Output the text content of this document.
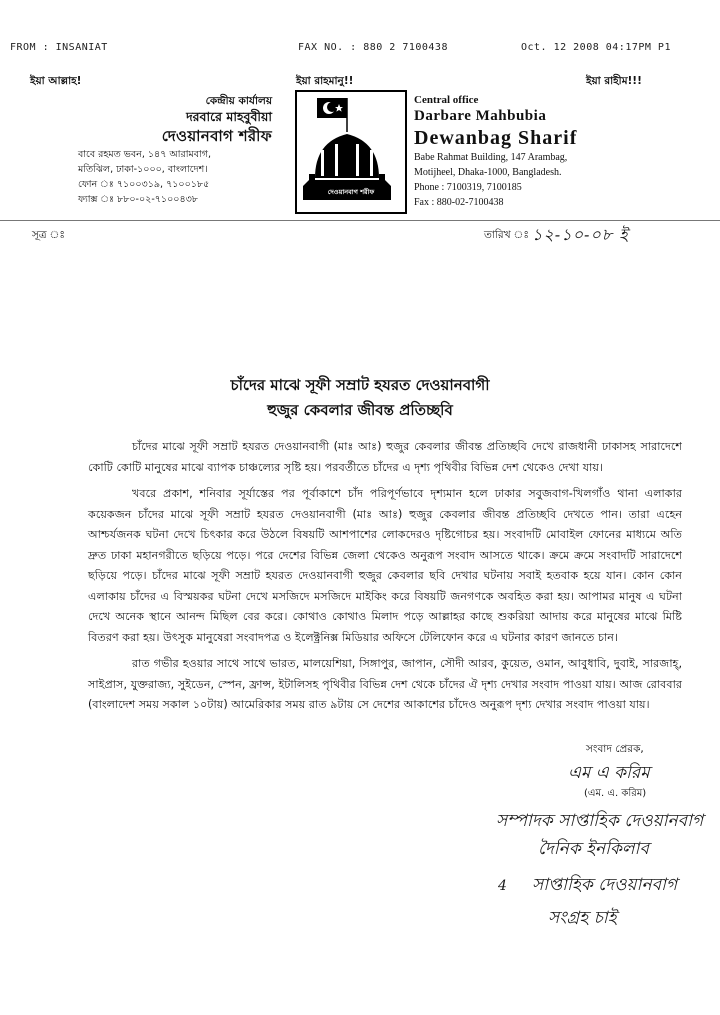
FROM : INSANIAT	FAX NO. : 880 2 7100438	Oct. 12 2008 04:17PM P1
ইয়া আল্লাহ!	ইয়া রাহমানু!!	ইয়া রাহীম!!!
কেন্দ্রীয় কার্যালয়
দরবারে মাহবুবীয়া
দেওয়ানবাগ শরীফ
বাবে রহমত ভবন, ১৪৭ আরামবাগ,
মতিঝিল, ঢাকা-১০০০, বাংলাদেশ।
ফোন ঃ ৭১০০৩১৯, ৭১০০১৮৫
ফ্যাক্স ঃ ৮৮০-০২-৭১০০৪৩৮
দেওয়ানবাগ শরীফ
Central office
Darbare Mahbubia
Dewanbag Sharif
Babe Rahmat Building, 147 Arambag,
Motijheel, Dhaka-1000, Bangladesh.
Phone : 7100319, 7100185
Fax : 880-02-7100438
সূত্র ঃ	তারিখ ঃ ১২-১০-০৮ ই
চাঁদের মাঝে সূফী সম্রাট হযরত দেওয়ানবাগী
হুজুর কেবলার জীবন্ত প্রতিচ্ছবি

চাঁদের মাঝে সূফী সম্রাট হযরত দেওয়ানবাগী (মাঃ আঃ) হুজুর কেবলার জীবন্ত প্রতিচ্ছবি দেখে রাজধানী ঢাকাসহ সারাদেশে কোটি কোটি মানুষের মাঝে ব্যাপক চাঞ্চল্যের সৃষ্টি হয়। পরবর্তীতে চাঁদের এ দৃশ্য পৃথিবীর বিভিন্ন দেশ থেকেও দেখা যায়।

খবরে প্রকাশ, শনিবার সূর্যাস্তের পর পূর্বাকাশে চাঁদ পরিপূর্ণভাবে দৃশ্যমান হলে ঢাকার সবুজবাগ-খিলগাঁও থানা এলাকার কয়েকজন চাঁদের মাঝে সূফী সম্রাট হযরত দেওয়ানবাগী (মাঃ আঃ) হুজুর কেবলার জীবন্ত প্রতিচ্ছবি দেখতে পান। তারা এহেন আশ্চর্যজনক ঘটনা দেখে চিৎকার করে উঠলে বিষয়টি আশপাশের লোকদেরও দৃষ্টিগোচর হয়। সংবাদটি মোবাইল ফোনের মাধ্যমে অতি দ্রুত ঢাকা মহানগরীতে ছড়িয়ে পড়ে। পরে দেশের বিভিন্ন জেলা থেকেও অনুরূপ সংবাদ আসতে থাকে। ক্রমে ক্রমে সংবাদটি সারাদেশে ছড়িয়ে পড়ে। চাঁদের মাঝে সূফী সম্রাট হযরত দেওয়ানবাগী হুজুর কেবলার ছবি দেখার ঘটনায় সবাই হতবাক হয়ে যান। কোন কোন এলাকায় চাঁদের এ বিস্ময়কর ঘটনা দেখে মসজিদে মসজিদে মাইকিং করে বিষয়টি জনগণকে অবহিত করা হয়। আপামর মানুষ এ ঘটনা দেখে অনেক স্থানে আনন্দ মিছিল বের করে। কোথাও কোথাও মিলাদ পড়ে আল্লাহর কাছে শুকরিয়া আদায় করে মানুষের মাঝে মিষ্টি বিতরণ করা হয়। উৎসুক মানুষেরা সংবাদপত্র ও ইলেক্ট্রনিক্স মিডিয়ার অফিসে টেলিফোন করে এ ঘটনার কারণ জানতে চান।

রাত গভীর হওয়ার সাথে সাথে ভারত, মালয়েশিয়া, সিঙ্গাপুর, জাপান, সৌদী আরব, কুয়েত, ওমান, আবুধাবি, দুবাই, সারজাহ্, সাইপ্রাস, যুক্তরাজ্য, সুইডেন, স্পেন, ফ্রান্স, ইটালিসহ পৃথিবীর বিভিন্ন দেশ থেকে চাঁদের ঐ দৃশ্য দেখার সংবাদ পাওয়া যায়। আজ রোববার (বাংলাদেশ সময় সকাল ১০টায়) আমেরিকার সময় রাত ৯টায় সে দেশের আকাশের চাঁদেও অনুরূপ দৃশ্য দেখার সংবাদ পাওয়া যায়।

সংবাদ প্রেরক,
এম এ করিম
(এম. এ. করিম)
সম্পাদক সাপ্তাহিক দেওয়ানবাগ
দৈনিক ইনকিলাব
4 সাপ্তাহিক দেওয়ানবাগ
সংগ্রহ চাই
